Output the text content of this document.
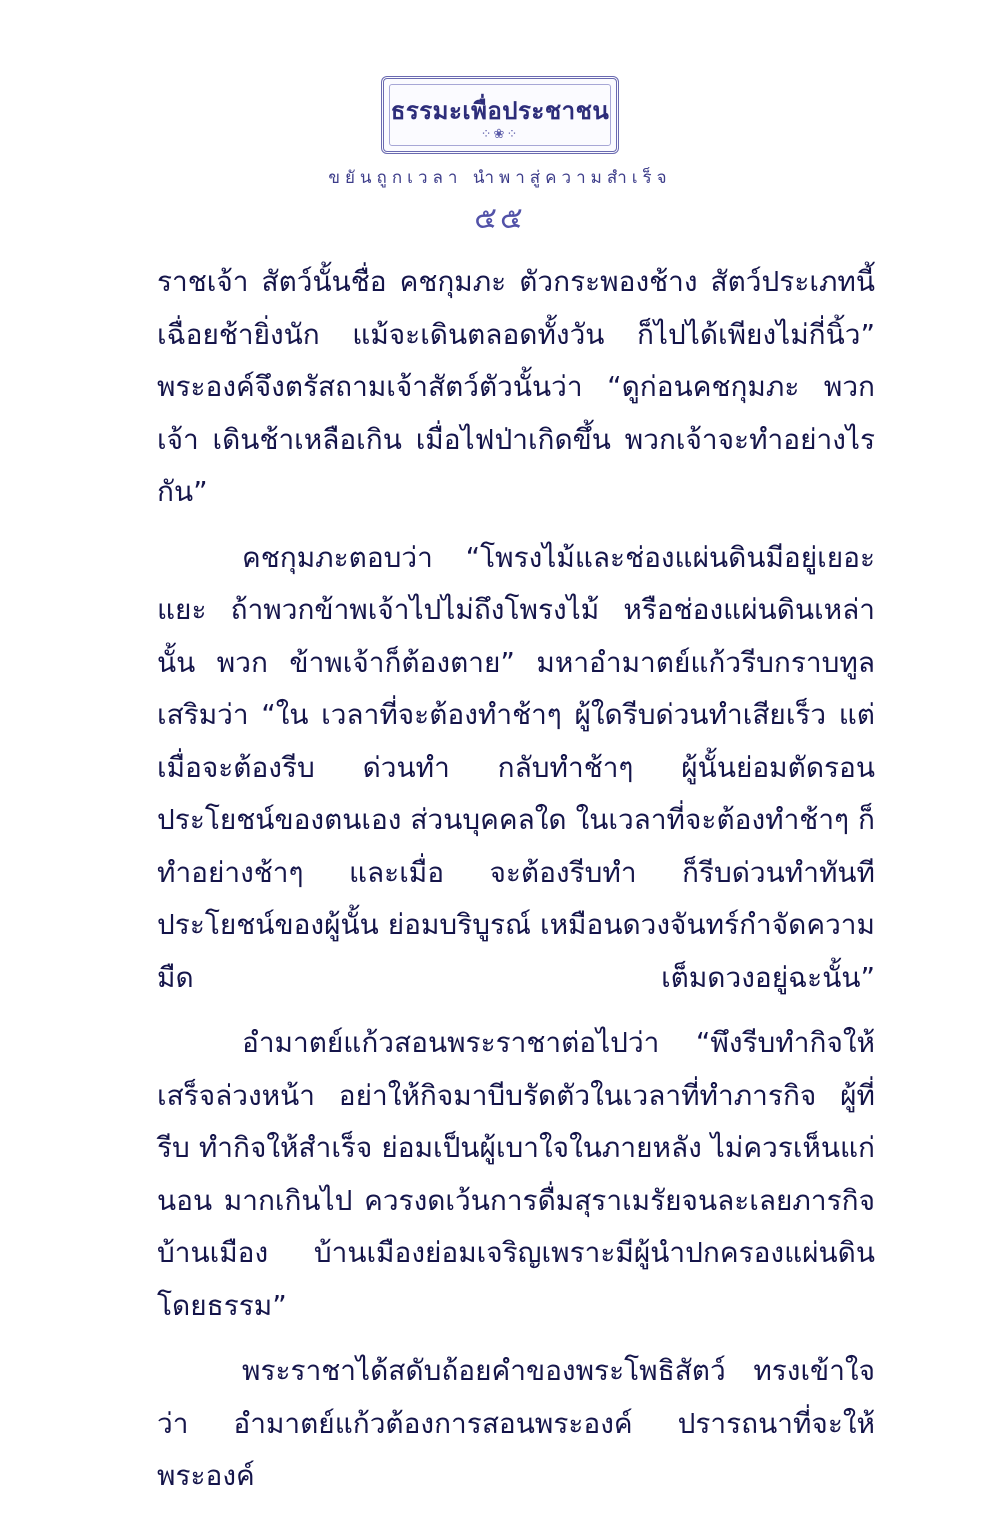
ธรรมะเพื่อประชาชน
⁘❀⁘
ขยันถูกเวลา นำพาสู่ความสำเร็จ
๕๕

ราชเจ้า สัตว์นั้นชื่อ คชกุมภะ ตัวกระพองช้าง สัตว์ประเภทนี้ เฉื่อยช้ายิ่งนัก แม้จะเดินตลอดทั้งวัน ก็ไปได้เพียงไม่กี่นิ้ว” พระองค์จึงตรัสถามเจ้าสัตว์ตัวนั้นว่า “ดูก่อนคชกุมภะ พวกเจ้า เดินช้าเหลือเกิน เมื่อไฟป่าเกิดขึ้น พวกเจ้าจะทำอย่างไรกัน”

คชกุมภะตอบว่า “โพรงไม้และช่องแผ่นดินมีอยู่เยอะแยะ ถ้าพวกข้าพเจ้าไปไม่ถึงโพรงไม้ หรือช่องแผ่นดินเหล่านั้น พวก ข้าพเจ้าก็ต้องตาย” มหาอำมาตย์แก้วรีบกราบทูลเสริมว่า “ใน เวลาที่จะต้องทำช้าๆ ผู้ใดรีบด่วนทำเสียเร็ว แต่เมื่อจะต้องรีบ ด่วนทำ กลับทำช้าๆ ผู้นั้นย่อมตัดรอนประโยชน์ของตนเอง ส่วนบุคคลใด ในเวลาที่จะต้องทำช้าๆ ก็ทำอย่างช้าๆ และเมื่อ จะต้องรีบทำ ก็รีบด่วนทำทันที ประโยชน์ของผู้นั้น ย่อมบริบูรณ์ เหมือนดวงจันทร์กำจัดความมืด เต็มดวงอยู่ฉะนั้น”

อำมาตย์แก้วสอนพระราชาต่อไปว่า “พึงรีบทำกิจให้ เสร็จล่วงหน้า อย่าให้กิจมาบีบรัดตัวในเวลาที่ทำภารกิจ ผู้ที่รีบ ทำกิจให้สำเร็จ ย่อมเป็นผู้เบาใจในภายหลัง ไม่ควรเห็นแก่นอน มากเกินไป ควรงดเว้นการดื่มสุราเมรัยจนละเลยภารกิจบ้านเมือง บ้านเมืองย่อมเจริญเพราะมีผู้นำปกครองแผ่นดินโดยธรรม”

พระราชาได้สดับถ้อยคำของพระโพธิสัตว์ ทรงเข้าใจว่า อำมาตย์แก้วต้องการสอนพระองค์ ปรารถนาที่จะให้พระองค์
